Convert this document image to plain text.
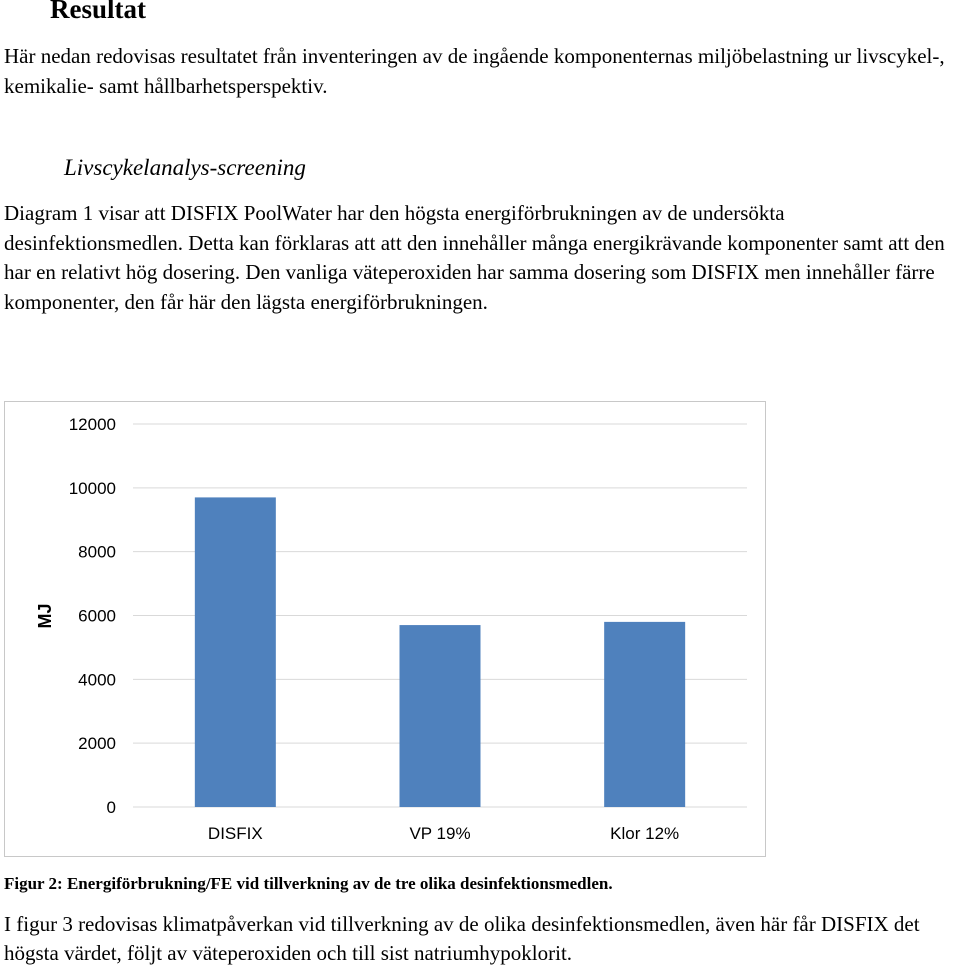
Resultat

Här nedan redovisas resultatet från inventeringen av de ingående komponenternas miljöbelastning ur livscykel-, kemikalie- samt hållbarhetsperspektiv.

Livscykelanalys-screening

Diagram 1 visar att DISFIX PoolWater har den högsta energiförbrukningen av de undersökta desinfektionsmedlen. Detta kan förklaras att att den innehåller många energikrävande komponenter samt att den har en relativt hög dosering. Den vanliga väteperoxiden har samma dosering som DISFIX men innehåller färre komponenter, den får här den lägsta energiförbrukningen.

0
2000
4000
6000
8000
10000
12000
MJ
DISFIX	VP 19%	Klor 12%

Figur 2: Energiförbrukning/FE vid tillverkning av de tre olika desinfektionsmedlen.

I figur 3 redovisas klimatpåverkan vid tillverkning av de olika desinfektionsmedlen, även här får DISFIX det högsta värdet, följt av väteperoxiden och till sist natriumhypoklorit.
